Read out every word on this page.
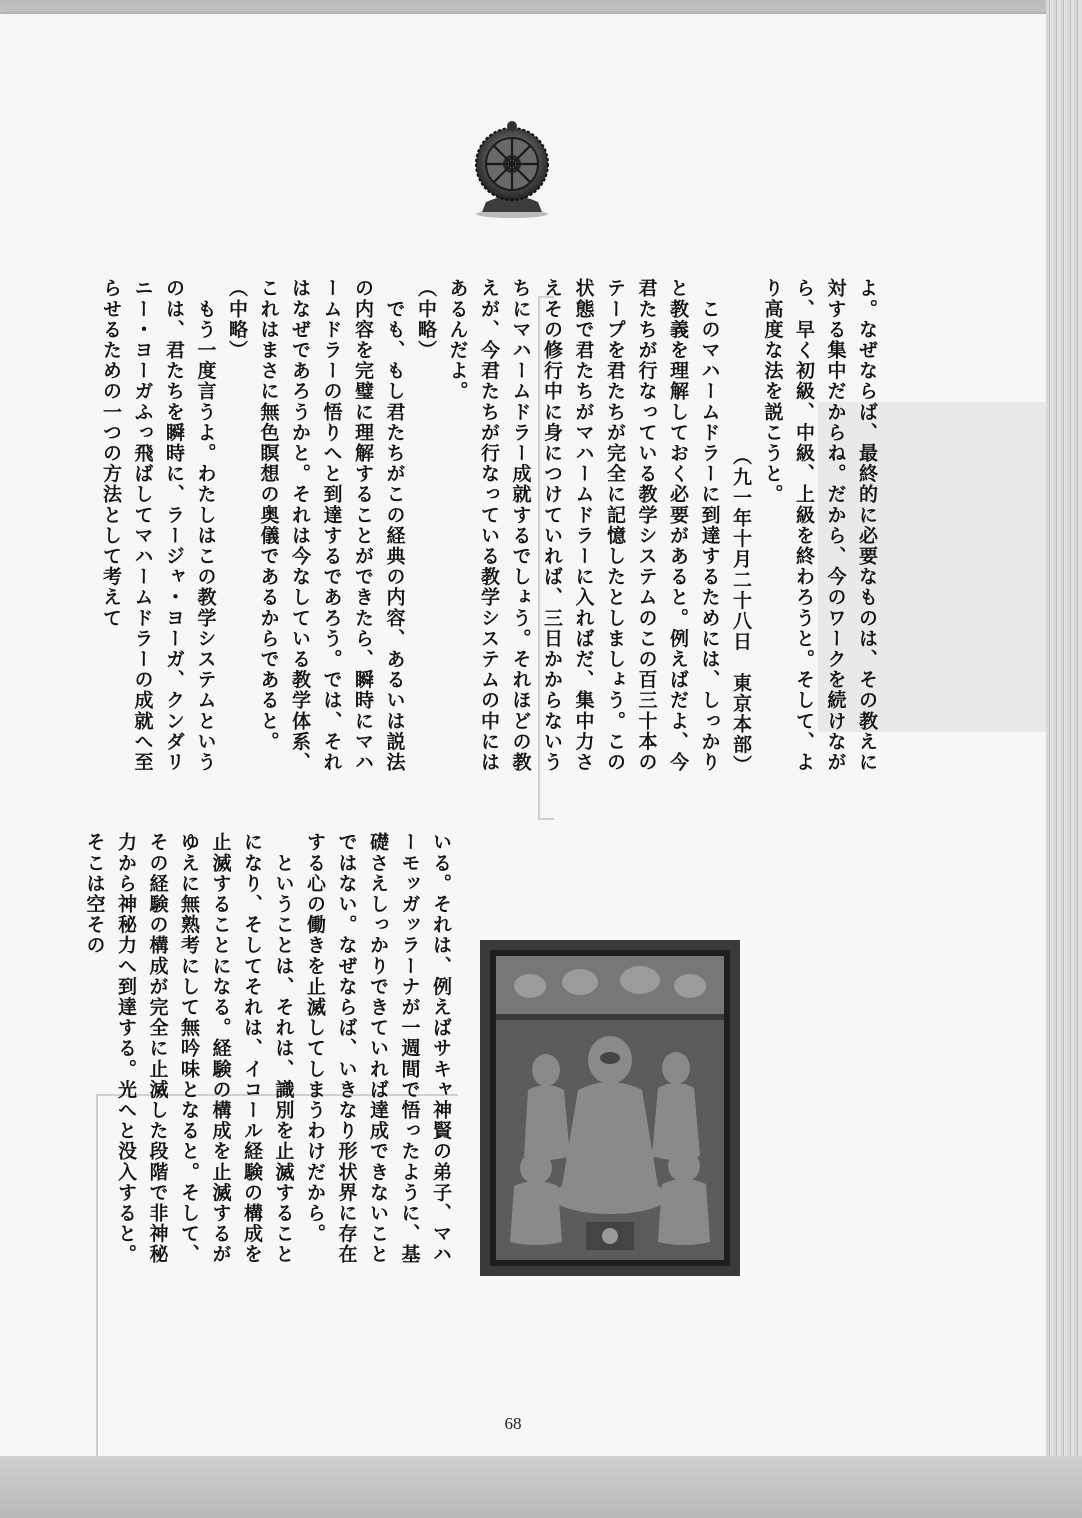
よ。なぜならば、最終的に必要なものは、その教えに対する集中だからね。だから、今のワークを続けながら、早く初級、中級、上級を終わろうと。そして、より高度な法を説こうと。

（九一年十月二十八日　東京本部）

　このマハームドラーに到達するためには、しっかりと教義を理解しておく必要があると。例えばだよ、今君たちが行なっている教学システムのこの百三十本のテープを君たちが完全に記憶したとしましょう。この状態で君たちがマハームドラーに入ればだ、集中力さえその修行中に身につけていれば、三日かからないうちにマハームドラー成就するでしょう。それほどの教えが、今君たちが行なっている教学システムの中にはあるんだよ。

（中略）

　でも、もし君たちがこの経典の内容、あるいは説法の内容を完璧に理解することができたら、瞬時にマハームドラーの悟りへと到達するであろう。では、それはなぜであろうかと。それは今なしている教学体系、これはまさに無色瞑想の奥儀であるからであると。（中略）

　もう一度言うよ。わたしはこの教学システムというのは、君たちを瞬時に、ラージャ・ヨーガ、クンダリニー・ヨーガふっ飛ばしてマハームドラーの成就へ至らせるための一つの方法として考えて

いる。それは、例えばサキャ神賢の弟子、マハーモッガッラーナが一週間で悟ったように、基礎さえしっかりできていれば達成できないことではない。なぜならば、いきなり形状界に存在する心の働きを止滅してしまうわけだから。

　ということは、それは、識別を止滅することになり、そしてそれは、イコール経験の構成を止滅することになる。経験の構成を止滅するがゆえに無熟考にして無吟味となると。そして、その経験の構成が完全に止滅した段階で非神秘力から神秘力へ到達する。光へと没入すると。そこは空その

68
